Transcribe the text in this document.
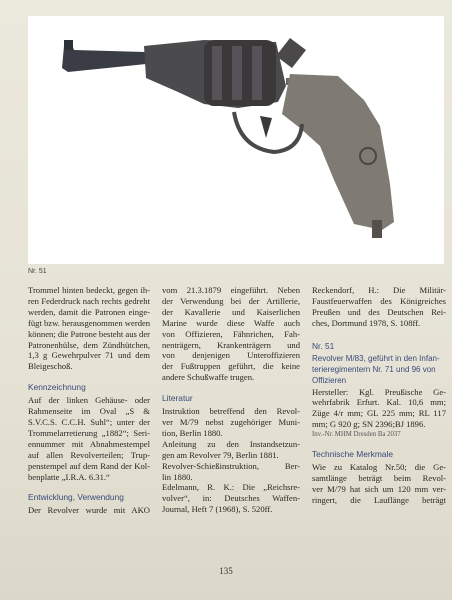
Nr. 51
Trommel hinten bedeckt, gegen ih-
ren Federdruck nach rechts gedreht
werden, damit die Patronen einge-
fügt bzw. herausgenommen werden
können; die Patrone besteht aus der
Patronenhülse, dem Zündhütchen,
1,3 g Gewehrpulver 71 und dem
Bleigeschoß.
Kennzeichnung
Auf der linken Gehäuse- oder
Rahmenseite im Oval „S &
S.V.C.S. C.C.H. Suhl“; unter der
Trommelarretierung „1882“; Seri-
ennummer mit Abnahmestempel
auf allen Revolverteilen; Trup-
penstempel auf dem Rand der Kol-
benplatte „I.R.A. 6.31.“
Entwicklung, Verwendung
Der Revolver wurde mit AKO
vom 21.3.1879 eingeführt. Neben
der Verwendung bei der Artillerie,
der Kavallerie und Kaiserlichen
Marine wurde diese Waffe auch
von Offizieren, Fähnrichen, Fah-
nenträgern, Krankenträgern und
von denjenigen Unteroffizieren
der Fußtruppen geführt, die keine
andere Schußwaffe trugen.
Literatur
Instruktion betreffend den Revol-
ver M/79 nebst zugehöriger Muni-
tion, Berlin 1880.
Anleitung zu den Instandsetzun-
gen am Revolver 79, Berlin 1881.
Revolver-Schießinstruktion, Ber-
lin 1880.
Edelmann, R. K.: Die „Reichsre-
volver“, in: Deutsches Waffen-
Journal, Heft 7 (1968), S. 520ff.
Reckendorf, H.: Die Militär-
Faustfeuerwaffen des Königreiches
Preußen und des Deutschen Rei-
ches, Dortmund 1978, S. 108ff.
Nr. 51
Revolver M/83, geführt in den Infan-
terieregimentern Nr. 71 und 96 von
Offizieren
Hersteller: Kgl. Preußische Ge-
wehrfabrik Erfurt. Kal. 10,6 mm;
Züge 4/r mm; GL 225 mm; RL 117
mm; G 920 g; SN 2396;BJ 1896.
Inv.-Nr. MHM Dresden Ba 2037
Technische Merkmale
Wie zu Katalog Nr.50; die Ge-
samtlänge beträgt beim Revol-
ver M/79 hat sich um 120 mm ver-
ringert, die Lauflänge beträgt
135
